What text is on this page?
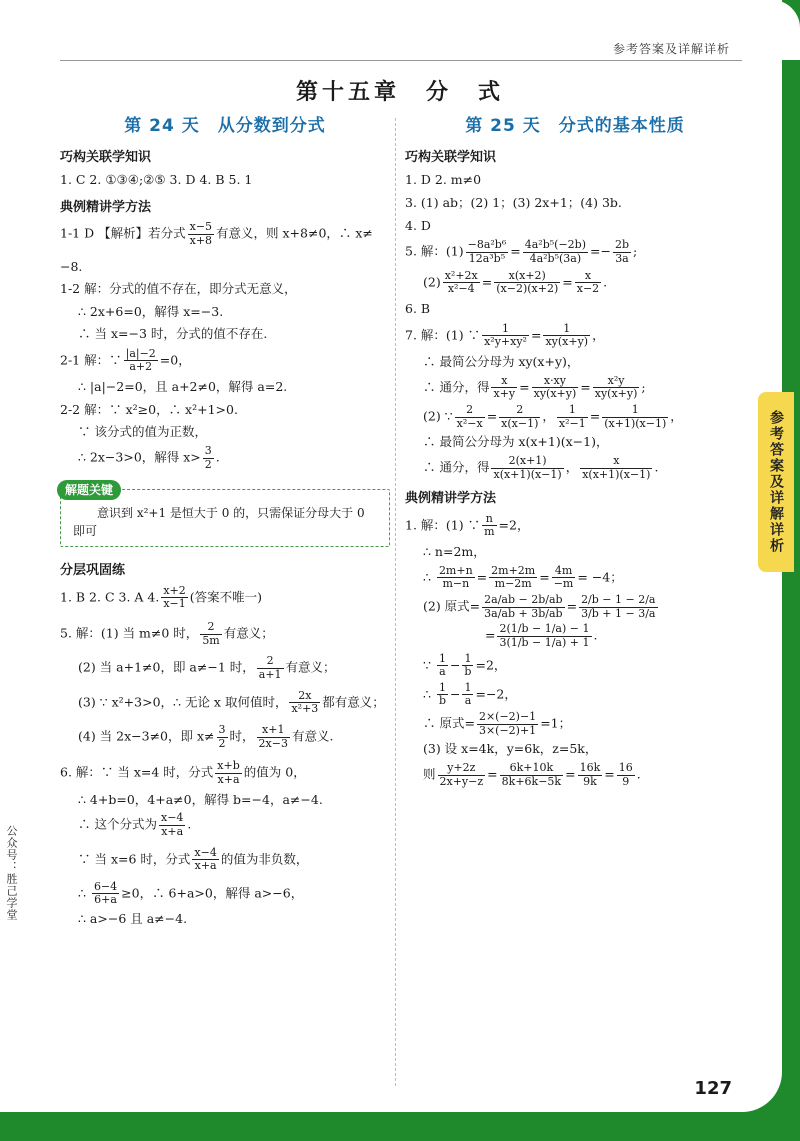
参考答案及详解详析
第十五章　分　式
第 24 天　从分数到分式
巧构关联学知识
1. C 2. ①③④;②⑤ 3. D 4. B 5. 1
典例精讲学方法
1-1 D 【解析】若分式 $\frac{x-5}{x+8}$ 有意义，则 x+8≠0，∴ x≠
−8.
1-2 解：分式的值不存在，即分式无意义，
∴ 2x+6=0，解得 x=−3.
∴ 当 x=−3 时，分式的值不存在.
2-1 解：∵ $\frac{|a|-2}{a+2} =0$，
∴ |a|−2=0，且 a+2≠0，解得 a=2.
2-2 解：∵ x²≥0，∴ x²+1>0.
∵ 该分式的值为正数，
∴ 2x−3>0，解得 $x> \frac{3}{2}$ .
解题关键
意识到 x²+1 是恒大于 0 的，只需保证分母大于 0 即可
分层巩固练
1. B 2. C 3. A 4. $\frac{x+2}{x-1}$ (答案不唯一)
5. 解：(1) 当 m≠0 时， $\frac{2}{5m}$ 有意义；
(2) 当 a+1≠0，即 a≠−1 时， $\frac{2}{a+1}$ 有意义；
(3) ∵ x²+3>0，∴ 无论 x 取何值时， $\frac{2x}{\text{x²+3}}$ 都有意义；
(4) 当 2x−3≠0，即 $x\ne \frac{3}{2}$ 时， $\frac{x+1}{2x-3}$ 有意义.
6. 解：∵ 当 x=4 时，分式 $\frac{x+b}{x+a}$ 的值为 0，
∴ 4+b=0，4+a≠0，解得 b=−4，a≠−4.
∴ 这个分式为 $\frac{x-4}{x+a}$ .
∵ 当 x=6 时，分式 $\frac{x-4}{x+a}$ 的值为非负数，
∴ $\frac{6-4}{6+a} \ge 0$，∴ 6+a>0，解得 a>−6，
∴ a>−6 且 a≠−4.
第 25 天　分式的基本性质
巧构关联学知识
1. D 2. m≠0
3. (1) ab；(2) 1；(3) 2x+1；(4) 3b.
4. D
5. 解：$(1) \frac{\text{−8a²b⁶}}{\text{12a³b⁵}} = \frac{\text{4a²b⁵(−2b)}}{\text{4a²b⁵(3a)}} =- \frac{2b}{3a}$ ;
$(2) \frac{\text{x²+2x}}{\text{x²−4}} = \frac{x(x+2)}{(x-2)(x+2)} = \frac{x}{x-2}$ .
6. B
7. 解：(1) ∵ $\frac{1}{\text{x²y+xy²}} = \frac{1}{xy(x+y)}$ ，
∴ 最简公分母为 xy(x+y)，
∴ 通分，得 $\frac{x}{x+y} = \frac{x\cdot xy}{xy(x+y)} = \frac{\text{x²y}}{xy(x+y)}$ ;
(2) ∵ $\frac{2}{\text{x²−x}} = \frac{2}{x(x-1)}$ ， $\frac{1}{\text{x²−1}} = \frac{1}{(x+1)(x-1)}$ ，
∴ 最简公分母为 x(x+1)(x−1)，
∴ 通分，得 $\frac{2(x+1)}{x(x+1)(x-1)}$ ， $\frac{x}{x(x+1)(x-1)}$ .
典例精讲学方法
1. 解：(1) ∵ $\frac{n}{m} =2$，
∴ n=2m，
∴ $\frac{2m+n}{m-n} = \frac{2m+2m}{m-2m} = \frac{4m}{-m} = -4$；
(2) 原式= $\frac{2a/ab - 2b/ab}{3a/ab + 3b/ab} = \frac{2/b - 1 - 2/a}{3/b + 1 - 3/a}$
= $\frac{2(1/b - 1/a) - 1}{3(1/b - 1/a) + 1}$ .
∵ $\frac{1}{a} - \frac{1}{b} =2$，
∴ $\frac{1}{b} - \frac{1}{a} =-2$，
∴ 原式= $\frac{2\times(-2)-1}{3\times(-2)+1} =1$；
(3) 设 x=4k，y=6k，z=5k，
则 $\frac{y+2z}{2x+y-z} = \frac{6k+10k}{8k+6k-5k} = \frac{16k}{9k} = \frac{16}{9}$ .
参考答案及详解详析
公众号：胜己学堂
127
